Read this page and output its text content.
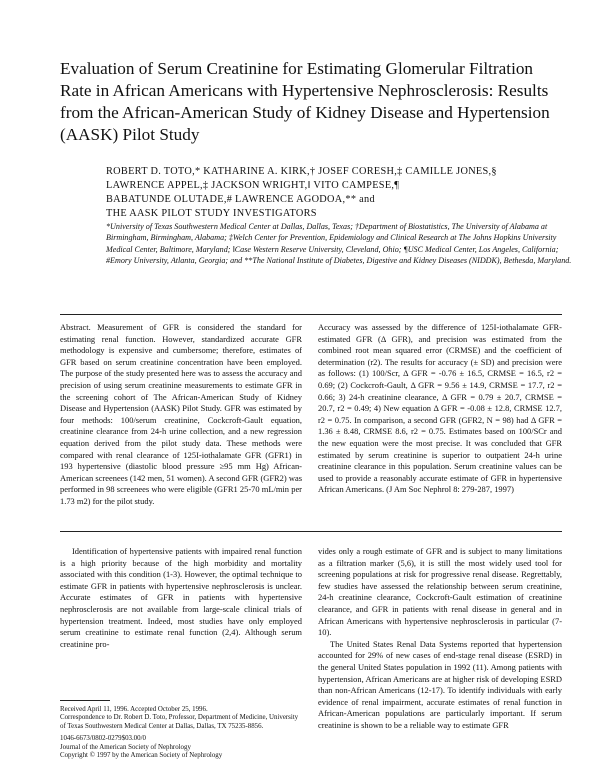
Evaluation of Serum Creatinine for Estimating Glomerular Filtration Rate in African Americans with Hypertensive Nephrosclerosis: Results from the African-American Study of Kidney Disease and Hypertension (AASK) Pilot Study
ROBERT D. TOTO,* KATHARINE A. KIRK,† JOSEF CORESH,‡ CAMILLE JONES,§
LAWRENCE APPEL,‡ JACKSON WRIGHT,‖ VITO CAMPESE,¶
BABATUNDE OLUTADE,# LAWRENCE AGODOA,** and
THE AASK PILOT STUDY INVESTIGATORS
*University of Texas Southwestern Medical Center at Dallas, Dallas, Texas; †Department of Biostatistics, The University of Alabama at Birmingham, Birmingham, Alabama; ‡Welch Center for Prevention, Epidemiology and Clinical Research at The Johns Hopkins University Medical Center, Baltimore, Maryland; ‖Case Western Reserve University, Cleveland, Ohio; ¶USC Medical Center, Los Angeles, California; #Emory University, Atlanta, Georgia; and **The National Institute of Diabetes, Digestive and Kidney Diseases (NIDDK), Bethesda, Maryland.

Abstract. Measurement of GFR is considered the standard for estimating renal function. However, standardized accurate GFR methodology is expensive and cumbersome; therefore, estimates of GFR based on serum creatinine concentration have been employed. The purpose of the study presented here was to assess the accuracy and precision of using serum creatinine measurements to estimate GFR in the screening cohort of The African-American Study of Kidney Disease and Hypertension (AASK) Pilot Study. GFR was estimated by four methods: 100/serum creatinine, Cockcroft-Gault equation, creatinine clearance from 24-h urine collection, and a new regression equation derived from the pilot study data. These methods were compared with renal clearance of 125I-iothalamate GFR (GFR1) in 193 hypertensive (diastolic blood pressure ≥95 mm Hg) African-American screenees (142 men, 51 women). A second GFR (GFR2) was performed in 98 screenees who were eligible (GFR1 25-70 mL/min per 1.73 m2) for the pilot study.

Accuracy was assessed by the difference of 125I-iothalamate GFR-estimated GFR (Δ GFR), and precision was estimated from the combined root mean squared error (CRMSE) and the coefficient of determination (r2). The results for accuracy (± SD) and precision were as follows: (1) 100/Scr, Δ GFR = -0.76 ± 16.5, CRMSE = 16.5, r2 = 0.69; (2) Cockcroft-Gault, Δ GFR = 9.56 ± 14.9, CRMSE = 17.7, r2 = 0.66; 3) 24-h creatinine clearance, Δ GFR = 0.79 ± 20.7, CRMSE = 20.7, r2 = 0.49; 4) New equation Δ GFR = -0.08 ± 12.8, CRMSE 12.7, r2 = 0.75. In comparison, a second GFR (GFR2, N = 98) had Δ GFR = 1.36 ± 8.48, CRMSE 8.6, r2 = 0.75. Estimates based on 100/SCr and the new equation were the most precise. It was concluded that GFR estimated by serum creatinine is superior to outpatient 24-h urine creatinine clearance in this population. Serum creatinine values can be used to provide a reasonably accurate estimate of GFR in hypertensive African Americans. (J Am Soc Nephrol 8: 279-287, 1997)

Identification of hypertensive patients with impaired renal function is a high priority because of the high morbidity and mortality associated with this condition (1-3). However, the optimal technique to estimate GFR in patients with hypertensive nephrosclerosis is unclear. Accurate estimates of GFR in patients with hypertensive nephrosclerosis are not available from large-scale clinical trials of hypertension treatment. Indeed, most studies have only employed serum creatinine to estimate renal function (2,4). Although serum creatinine pro-

Received April 11, 1996. Accepted October 25, 1996.

Correspondence to Dr. Robert D. Toto, Professor, Department of Medicine, University of Texas Southwestern Medical Center at Dallas, Dallas, TX 75235-8856.

1046-6673/0802-0279$03.00/0

Journal of the American Society of Nephrology

Copyright © 1997 by the American Society of Nephrology

vides only a rough estimate of GFR and is subject to many limitations as a filtration marker (5,6), it is still the most widely used tool for screening populations at risk for progressive renal disease. Regrettably, few studies have assessed the relationship between serum creatinine, 24-h creatinine clearance, Cockcroft-Gault estimation of creatinine clearance, and GFR in patients with renal disease in general and in African Americans with hypertensive nephrosclerosis in particular (7-10).

The United States Renal Data Systems reported that hypertension accounted for 29% of new cases of end-stage renal disease (ESRD) in the general United States population in 1992 (11). Among patients with hypertension, African Americans are at higher risk of developing ESRD than non-African Americans (12-17). To identify individuals with early evidence of renal impairment, accurate estimates of renal function in African-American populations are particularly important. If serum creatinine is shown to be a reliable way to estimate GFR
